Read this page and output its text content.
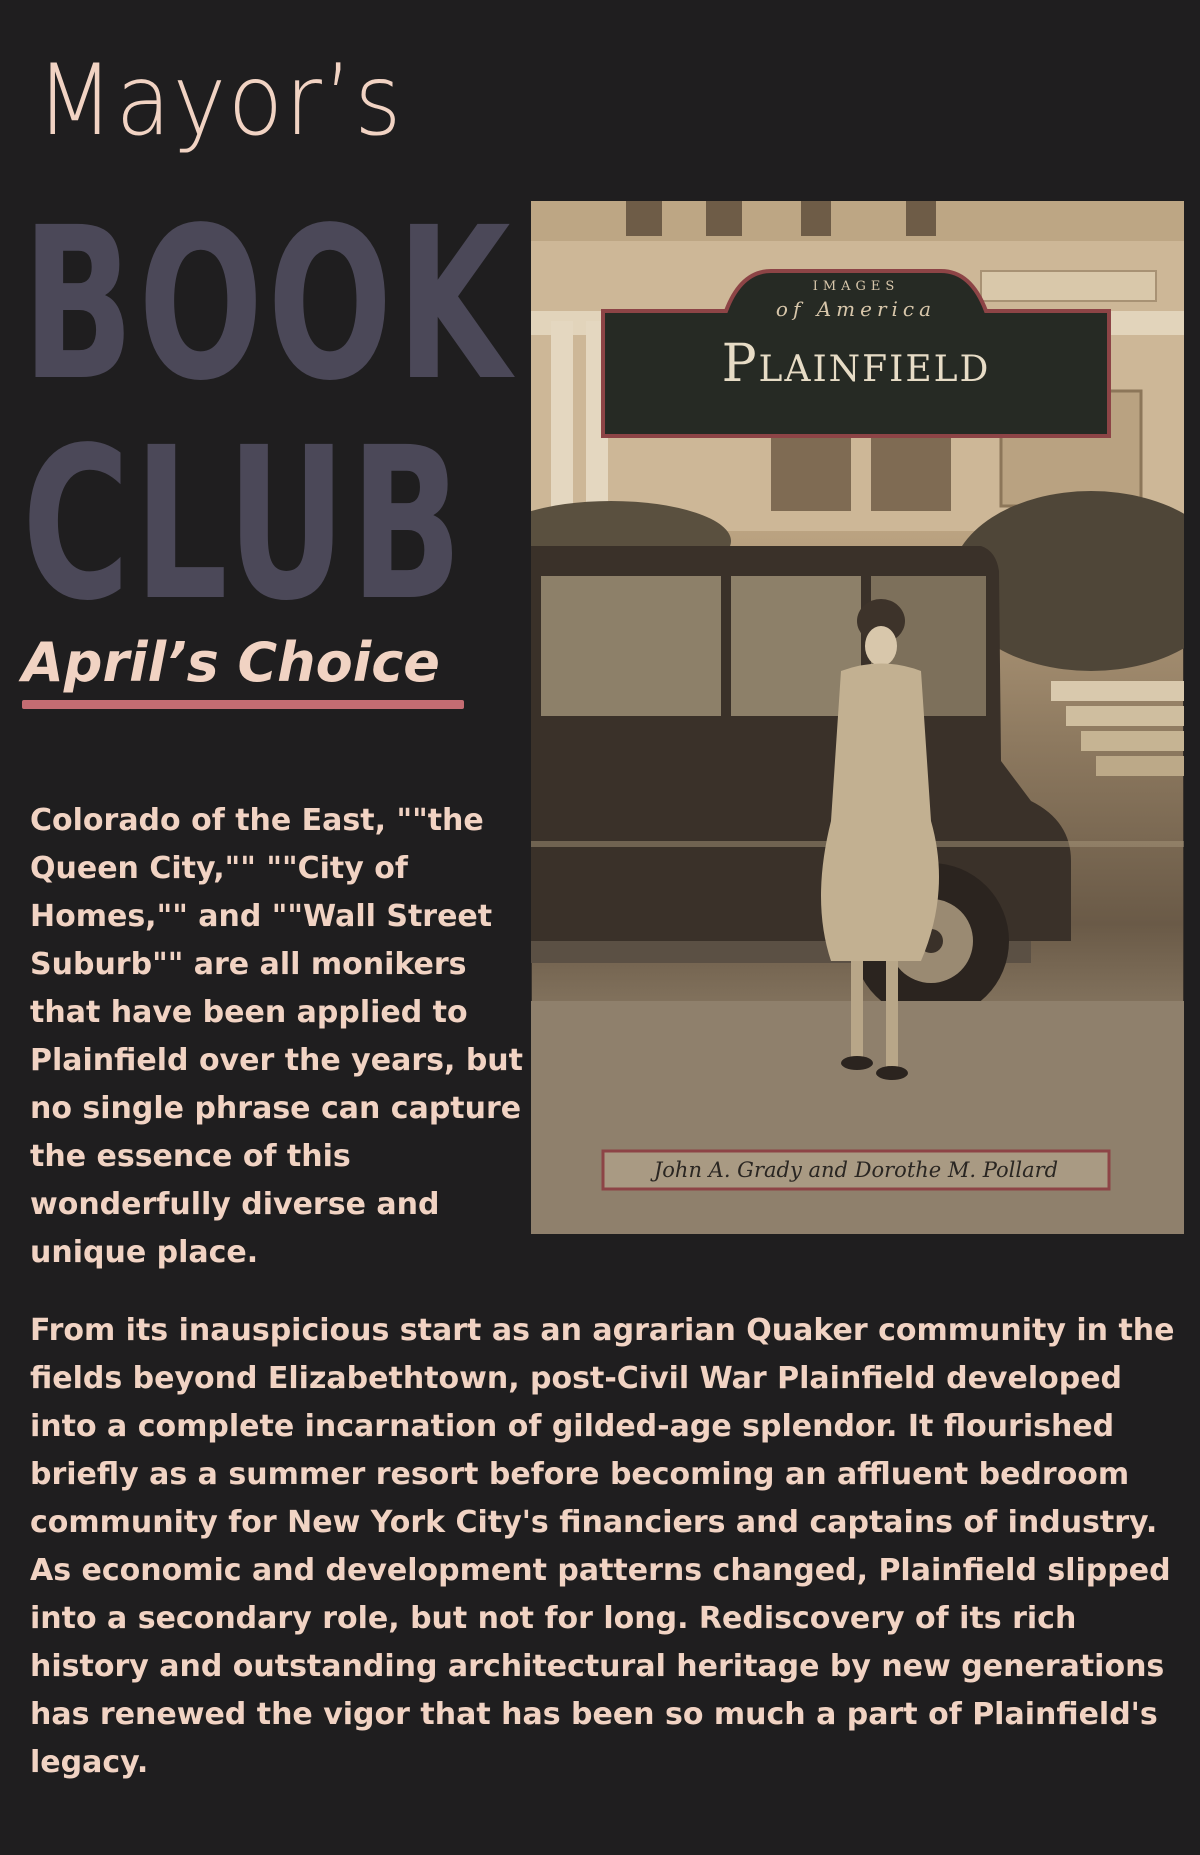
Mayor’s
BOOK
CLUB
April’s Choice
IMAGES
of America
Plainfield
John A. Grady and Dorothe M. Pollard

Colorado of the East, ""the Queen City,"" ""City of Homes,"" and ""Wall Street Suburb"" are all monikers that have been applied to Plainfield over the years, but no single phrase can capture the essence of this wonderfully diverse and unique place.

From its inauspicious start as an agrarian Quaker community in the fields beyond Elizabethtown, post-Civil War Plainfield developed into a complete incarnation of gilded-age splendor. It flourished briefly as a summer resort before becoming an affluent bedroom community for New York City's financiers and captains of industry. As economic and development patterns changed, Plainfield slipped into a secondary role, but not for long. Rediscovery of its rich history and outstanding architectural heritage by new generations has renewed the vigor that has been so much a part of Plainfield's legacy.
